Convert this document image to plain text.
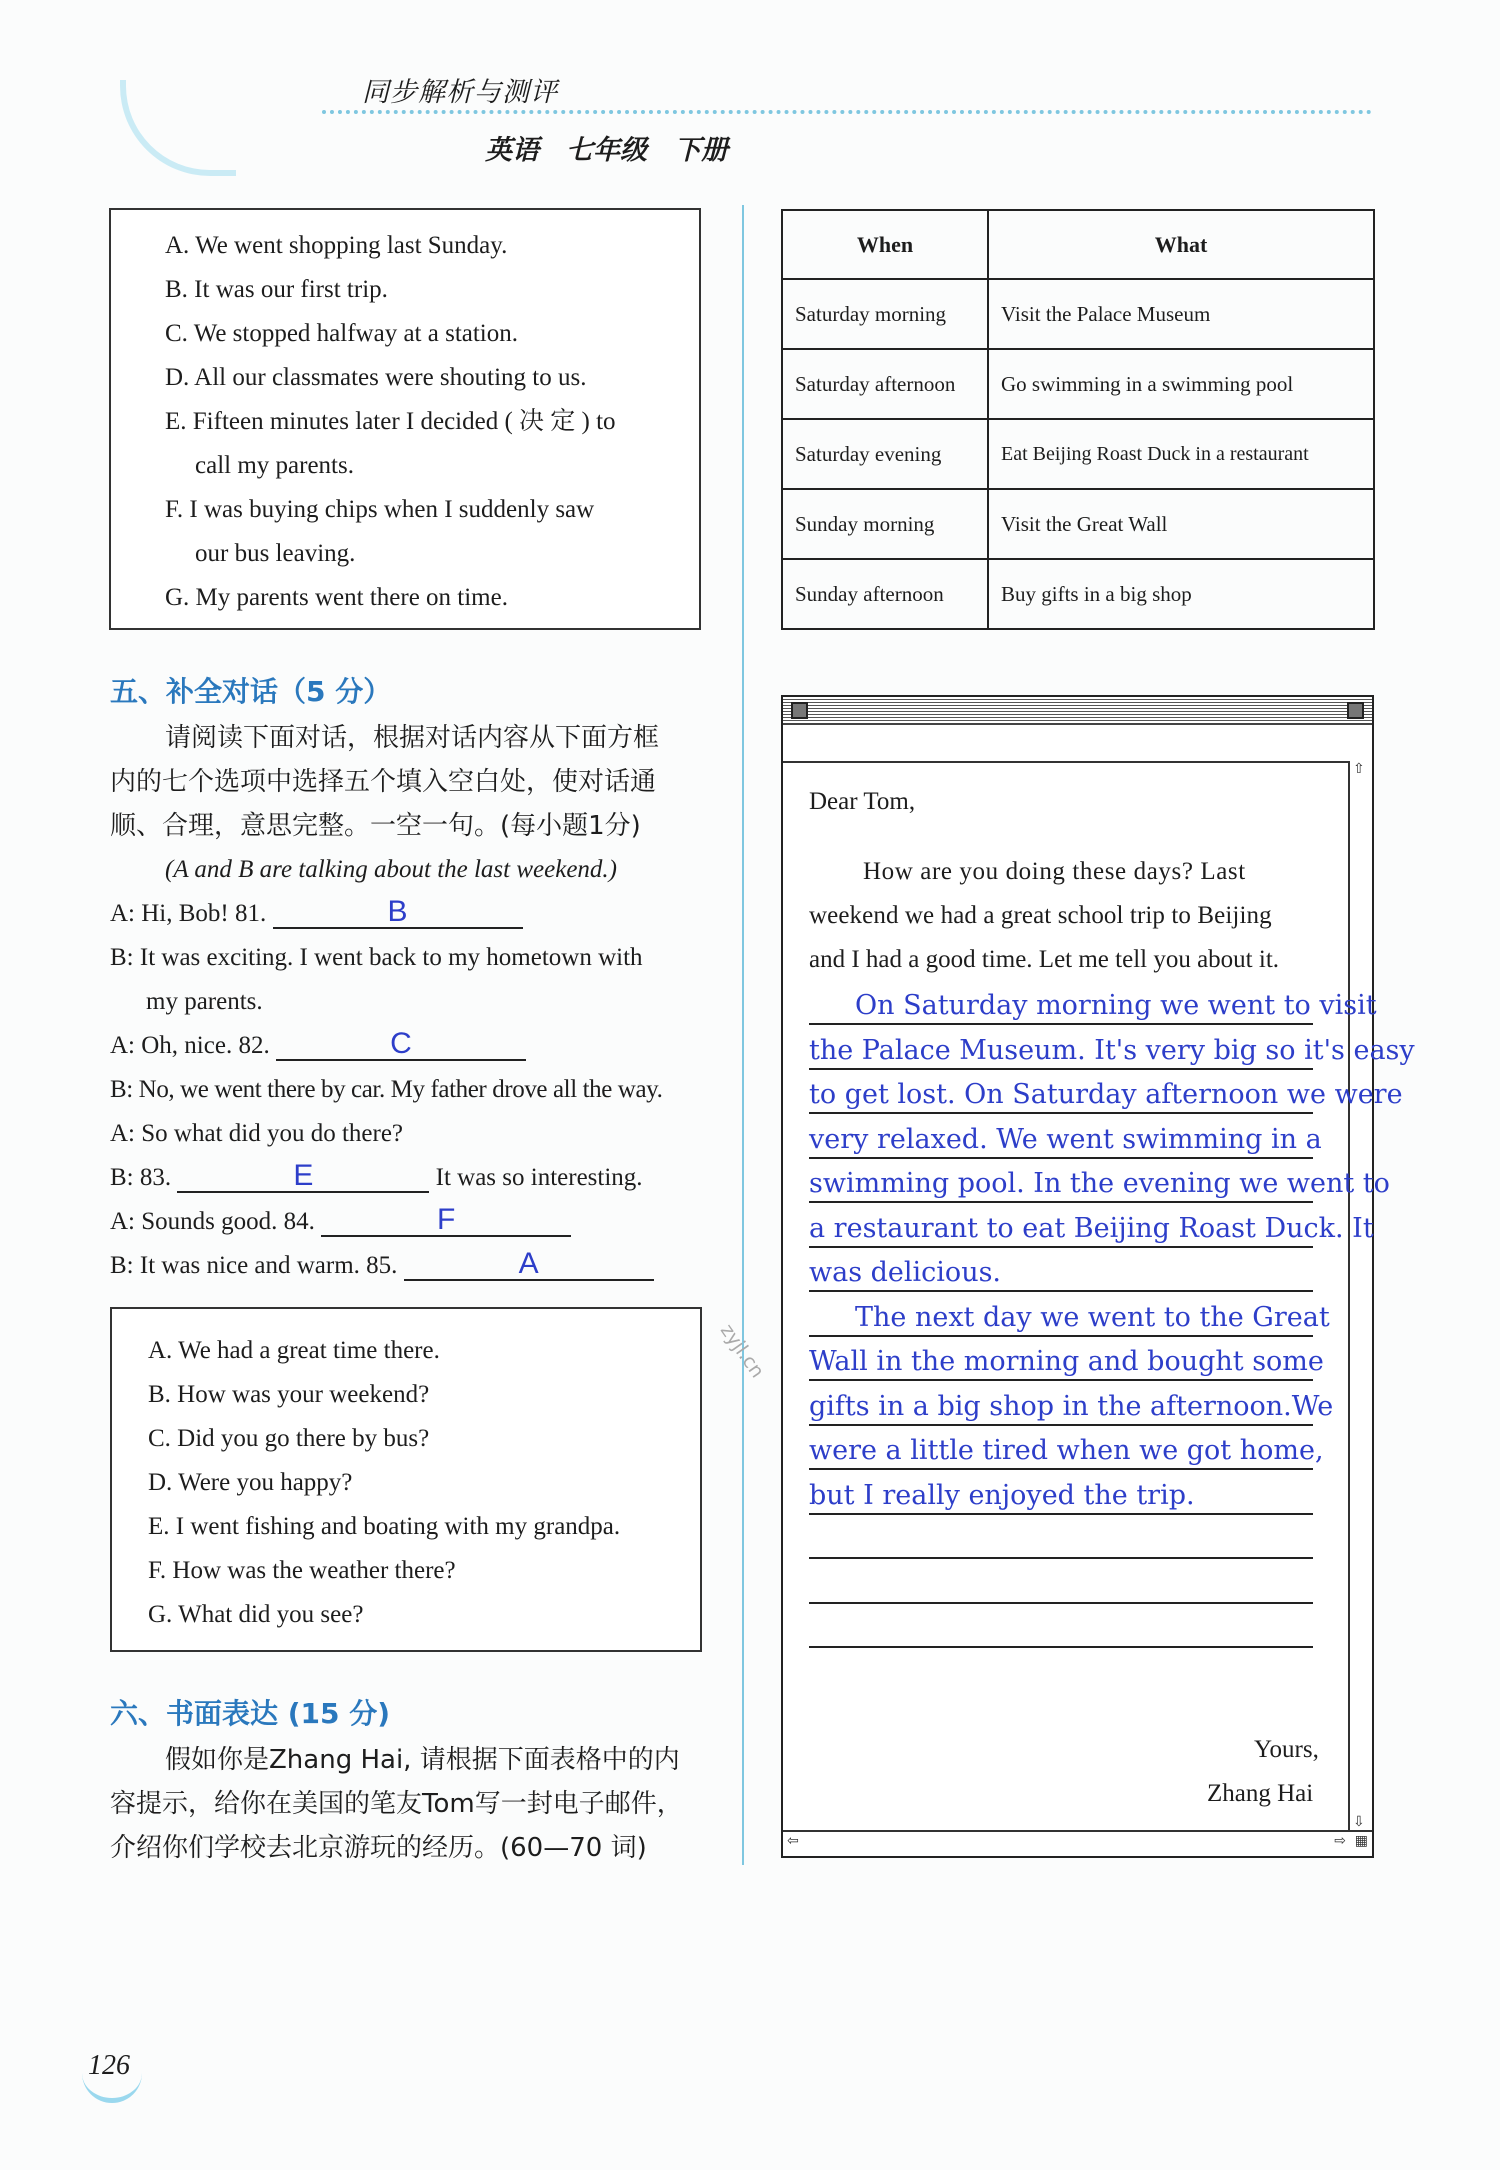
同步解析与测评
英语　七年级　下册
A. We went shopping last Sunday.
B. It was our first trip.
C. We stopped halfway at a station.
D. All our classmates were shouting to us.
E. Fifteen minutes later I decided ( 决 定 ) to
call my parents.
F. I was buying chips when I suddenly saw
our bus leaving.
G. My parents went there on time.
五、补全对话（5 分）
请阅读下面对话，根据对话内容从下面方框
内的七个选项中选择五个填入空白处，使对话通
顺、合理，意思完整。一空一句。(每小题1分)
(A and B are talking about the last weekend.)
A: Hi, Bob! 81.	B
B: It was exciting. I went back to my hometown with
my parents.
A: Oh, nice. 82.	C
B: No, we went there by car. My father drove all the way.
A: So what did you do there?
B: 83.	E	It was so interesting.
A: Sounds good. 84.	F
B: It was nice and warm. 85.	A
A. We had a great time there.
B. How was your weekend?
C. Did you go there by bus?
D. Were you happy?
E. I went fishing and boating with my grandpa.
F. How was the weather there?
G. What did you see?
六、书面表达 (15 分)
假如你是Zhang Hai, 请根据下面表格中的内
容提示，给你在美国的笔友Tom写一封电子邮件，
介绍你们学校去北京游玩的经历。(60—70 词)
When	What
Saturday morning	Visit the Palace Museum
Saturday afternoon	Go swimming in a swimming pool
Saturday evening	Eat Beijing Roast Duck in a restaurant
Sunday morning	Visit the Great Wall
Sunday afternoon	Buy gifts in a big shop
⇧
⇩
⇦	⇨ ▦
Dear Tom,
How are you doing these days? Last
weekend we had a great school trip to Beijing
and I had a good time. Let me tell you about it.
On Saturday morning we went to visit
the Palace Museum. It's very big so it's easy
to get lost. On Saturday afternoon we were
very relaxed. We went swimming in a
swimming pool. In the evening we went to
a restaurant to eat Beijing Roast Duck. It
was delicious.
The next day we went to the Great
Wall in the morning and bought some
gifts in a big shop in the afternoon.We
were a little tired when we got home,
but I really enjoyed the trip.
Yours,
Zhang Hai
zyjl.cn
126
